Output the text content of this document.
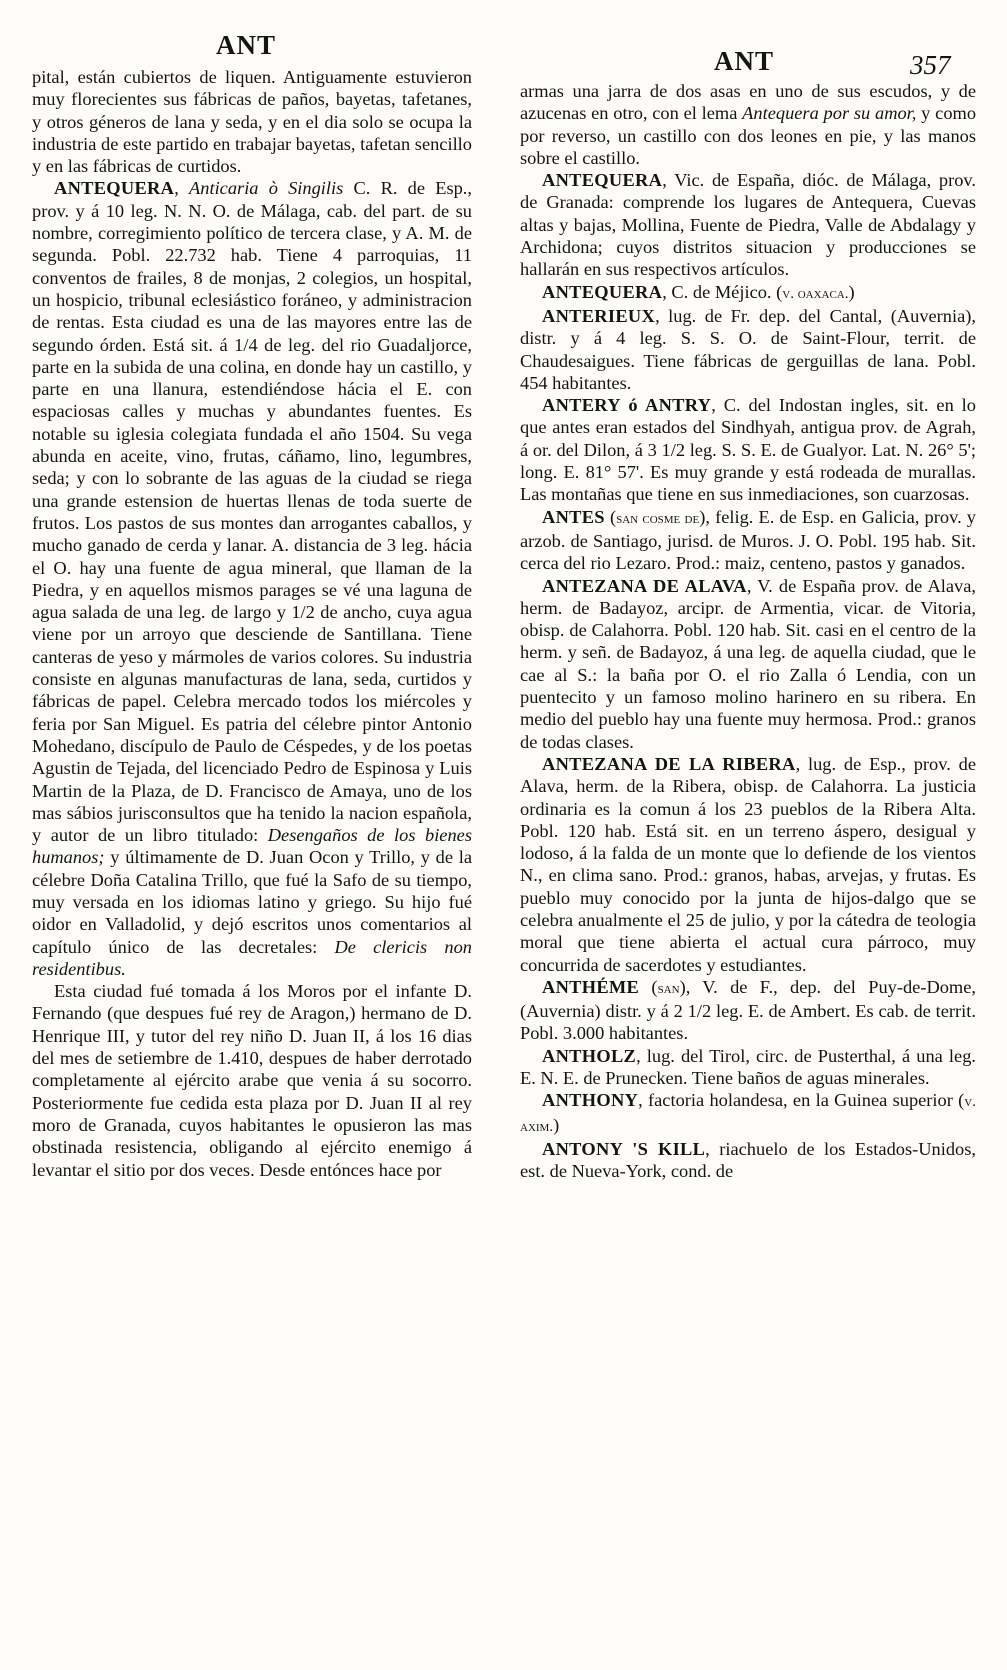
ANT
ANT	357

pital, están cubiertos de liquen. Antiguamente estuvieron muy florecientes sus fábricas de paños, bayetas, tafetanes, y otros géneros de lana y seda, y en el dia solo se ocupa la industria de este partido en trabajar bayetas, tafetan sencillo y en las fábricas de curtidos.

ANTEQUERA, Anticaria ò Singilis C. R. de Esp., prov. y á 10 leg. N. N. O. de Málaga, cab. del part. de su nombre, corregimiento político de tercera clase, y A. M. de segunda. Pobl. 22.732 hab. Tiene 4 parroquias, 11 conventos de frailes, 8 de monjas, 2 colegios, un hospital, un hospicio, tribunal eclesiástico foráneo, y administracion de rentas. Esta ciudad es una de las mayores entre las de segundo órden. Está sit. á 1/4 de leg. del rio Guadaljorce, parte en la subida de una colina, en donde hay un castillo, y parte en una llanura, estendiéndose hácia el E. con espaciosas calles y muchas y abundantes fuentes. Es notable su iglesia colegiata fundada el año 1504. Su vega abunda en aceite, vino, frutas, cáñamo, lino, legumbres, seda; y con lo sobrante de las aguas de la ciudad se riega una grande estension de huertas llenas de toda suerte de frutos. Los pastos de sus montes dan arrogantes caballos, y mucho ganado de cerda y lanar. A. distancia de 3 leg. hácia el O. hay una fuente de agua mineral, que llaman de la Piedra, y en aquellos mismos parages se vé una laguna de agua salada de una leg. de largo y 1/2 de ancho, cuya agua viene por un arroyo que desciende de Santillana. Tiene canteras de yeso y mármoles de varios colores. Su industria consiste en algunas manufacturas de lana, seda, curtidos y fábricas de papel. Celebra mercado todos los miércoles y feria por San Miguel. Es patria del célebre pintor Antonio Mohedano, discípulo de Paulo de Céspedes, y de los poetas Agustin de Tejada, del licenciado Pedro de Espinosa y Luis Martin de la Plaza, de D. Francisco de Amaya, uno de los mas sábios jurisconsultos que ha tenido la nacion española, y autor de un libro titulado: Desengaños de los bienes humanos; y últimamente de D. Juan Ocon y Trillo, y de la célebre Doña Catalina Trillo, que fué la Safo de su tiempo, muy versada en los idiomas latino y griego. Su hijo fué oidor en Valladolid, y dejó escritos unos comentarios al capítulo único de las decretales: De clericis non residentibus.

Esta ciudad fué tomada á los Moros por el infante D. Fernando (que despues fué rey de Aragon,) hermano de D. Henrique III, y tutor del rey niño D. Juan II, á los 16 dias del mes de setiembre de 1.410, despues de haber derrotado completamente al ejército arabe que venia á su socorro. Posteriormente fue cedida esta plaza por D. Juan II al rey moro de Granada, cuyos habitantes le opusieron las mas obstinada resistencia, obligando al ejército enemigo á levantar el sitio por dos veces. Desde entónces hace por

armas una jarra de dos asas en uno de sus escudos, y de azucenas en otro, con el lema Antequera por su amor, y como por reverso, un castillo con dos leones en pie, y las manos sobre el castillo.

ANTEQUERA, Vic. de España, dióc. de Málaga, prov. de Granada: comprende los lugares de Antequera, Cuevas altas y bajas, Mollina, Fuente de Piedra, Valle de Abdalagy y Archidona; cuyos distritos situacion y producciones se hallarán en sus respectivos artículos.

ANTEQUERA, C. de Méjico. (v. oaxaca.)

ANTERIEUX, lug. de Fr. dep. del Cantal, (Auvernia), distr. y á 4 leg. S. S. O. de Saint-Flour, territ. de Chaudesaigues. Tiene fábricas de gerguillas de lana. Pobl. 454 habitantes.

ANTERY ó ANTRY, C. del Indostan ingles, sit. en lo que antes eran estados del Sindhyah, antigua prov. de Agrah, á or. del Dilon, á 3 1/2 leg. S. S. E. de Gualyor. Lat. N. 26° 5'; long. E. 81° 57'. Es muy grande y está rodeada de murallas. Las montañas que tiene en sus inmediaciones, son cuarzosas.

ANTES (san cosme de), felig. E. de Esp. en Galicia, prov. y arzob. de Santiago, jurisd. de Muros. J. O. Pobl. 195 hab. Sit. cerca del rio Lezaro. Prod.: maiz, centeno, pastos y ganados.

ANTEZANA DE ALAVA, V. de España prov. de Alava, herm. de Badayoz, arcipr. de Armentia, vicar. de Vitoria, obisp. de Calahorra. Pobl. 120 hab. Sit. casi en el centro de la herm. y señ. de Badayoz, á una leg. de aquella ciudad, que le cae al S.: la baña por O. el rio Zalla ó Lendia, con un puentecito y un famoso molino harinero en su ribera. En medio del pueblo hay una fuente muy hermosa. Prod.: granos de todas clases.

ANTEZANA DE LA RIBERA, lug. de Esp., prov. de Alava, herm. de la Ribera, obisp. de Calahorra. La justicia ordinaria es la comun á los 23 pueblos de la Ribera Alta. Pobl. 120 hab. Está sit. en un terreno áspero, desigual y lodoso, á la falda de un monte que lo defiende de los vientos N., en clima sano. Prod.: granos, habas, arvejas, y frutas. Es pueblo muy conocido por la junta de hijos-dalgo que se celebra anualmente el 25 de julio, y por la cátedra de teologia moral que tiene abierta el actual cura párroco, muy concurrida de sacerdotes y estudiantes.

ANTHÉME (san), V. de F., dep. del Puy-de-Dome, (Auvernia) distr. y á 2 1/2 leg. E. de Ambert. Es cab. de territ. Pobl. 3.000 habitantes.

ANTHOLZ, lug. del Tirol, circ. de Pusterthal, á una leg. E. N. E. de Prunecken. Tiene baños de aguas minerales.

ANTHONY, factoria holandesa, en la Guinea superior (v. axim.)

ANTONY 'S KILL, riachuelo de los Estados-Unidos, est. de Nueva-York, cond. de
